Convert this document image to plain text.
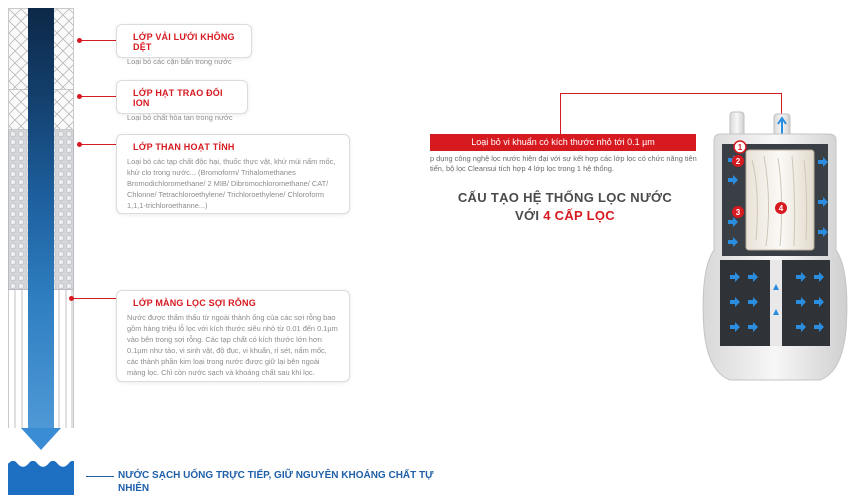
LỚP VẢI LƯỚI KHÔNG DỆT
Loại bỏ các cặn bẩn trong nước
LỚP HẠT TRAO ĐỔI ION
Loại bỏ chất hòa tan trong nước
LỚP THAN HOẠT TÍNH
Loại bỏ các tạp chất độc hại, thuốc thực vật, khử mùi nấm mốc,
khử clo trong nước... (Bromoform/ Trihalomethanes
Bromodichloromethane/ 2 MIB/ Dibromochloromethane/ CAT/
Chlonne/ Tetrachloroethylene/ Trichloroethylene/ Chloroform
1,1,1-trichloroethanne...)
LỚP MÀNG LỌC SỢI RỖNG
Nước được thẩm thấu từ ngoài thành ống của các sợi rỗng bao
gồm hàng triệu lỗ lọc với kích thước siêu nhỏ từ 0.01 đến 0.1µm
vào bên trong sợi rỗng. Các tạp chất có kích thước lớn hơn
0.1µm như tảo, vi sinh vật, độ đục, vi khuẩn, rỉ sét, nấm mốc,
các thành phần kim loại trong nước được giữ lại bên ngoài
màng lọc. Chỉ còn nước sạch và khoáng chất sau khi lọc.
NƯỚC SẠCH UỐNG TRỰC TIẾP, GIỮ NGUYÊN KHOÁNG CHẤT TỰ NHIÊN
Loại bỏ vi khuẩn có kích thước nhỏ tới 0.1 µm
p dụng công nghệ lọc nước hiện đại với sự kết hợp các lớp lọc có chức năng tiên
tiến, bộ lọc Cleansui tích hợp 4 lớp lọc trong 1 hệ thống.
CẤU TẠO HỆ THỐNG LỌC NƯỚC
VỚI 4 CẤP LỌC
1
2
3	4
